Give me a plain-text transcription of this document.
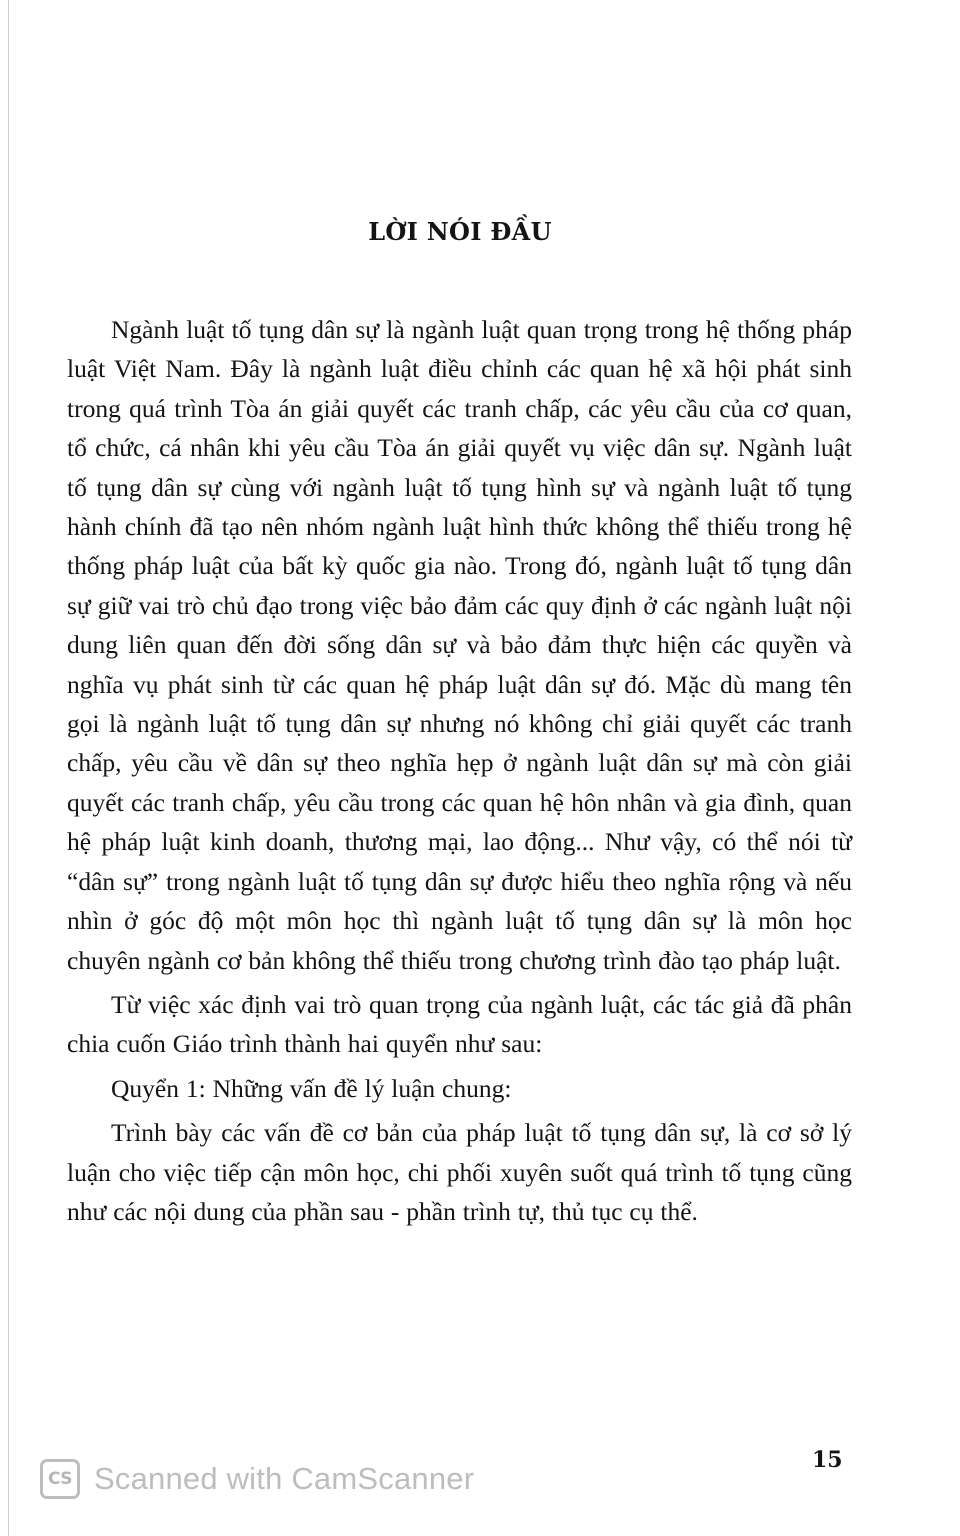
LỜI NÓI ĐẦU

Ngành luật tố tụng dân sự là ngành luật quan trọng trong hệ thống pháp luật Việt Nam. Đây là ngành luật điều chỉnh các quan hệ xã hội phát sinh trong quá trình Tòa án giải quyết các tranh chấp, các yêu cầu của cơ quan, tổ chức, cá nhân khi yêu cầu Tòa án giải quyết vụ việc dân sự. Ngành luật tố tụng dân sự cùng với ngành luật tố tụng hình sự và ngành luật tố tụng hành chính đã tạo nên nhóm ngành luật hình thức không thể thiếu trong hệ thống pháp luật của bất kỳ quốc gia nào. Trong đó, ngành luật tố tụng dân sự giữ vai trò chủ đạo trong việc bảo đảm các quy định ở các ngành luật nội dung liên quan đến đời sống dân sự và bảo đảm thực hiện các quyền và nghĩa vụ phát sinh từ các quan hệ pháp luật dân sự đó. Mặc dù mang tên gọi là ngành luật tố tụng dân sự nhưng nó không chỉ giải quyết các tranh chấp, yêu cầu về dân sự theo nghĩa hẹp ở ngành luật dân sự mà còn giải quyết các tranh chấp, yêu cầu trong các quan hệ hôn nhân và gia đình, quan hệ pháp luật kinh doanh, thương mại, lao động... Như vậy, có thể nói từ “dân sự” trong ngành luật tố tụng dân sự được hiểu theo nghĩa rộng và nếu nhìn ở góc độ một môn học thì ngành luật tố tụng dân sự là môn học chuyên ngành cơ bản không thể thiếu trong chương trình đào tạo pháp luật.

Từ việc xác định vai trò quan trọng của ngành luật, các tác giả đã phân chia cuốn Giáo trình thành hai quyển như sau:

Quyển 1: Những vấn đề lý luận chung:

Trình bày các vấn đề cơ bản của pháp luật tố tụng dân sự, là cơ sở lý luận cho việc tiếp cận môn học, chi phối xuyên suốt quá trình tố tụng cũng như các nội dung của phần sau - phần trình tự, thủ tục cụ thể.

15
CS Scanned with CamScanner
